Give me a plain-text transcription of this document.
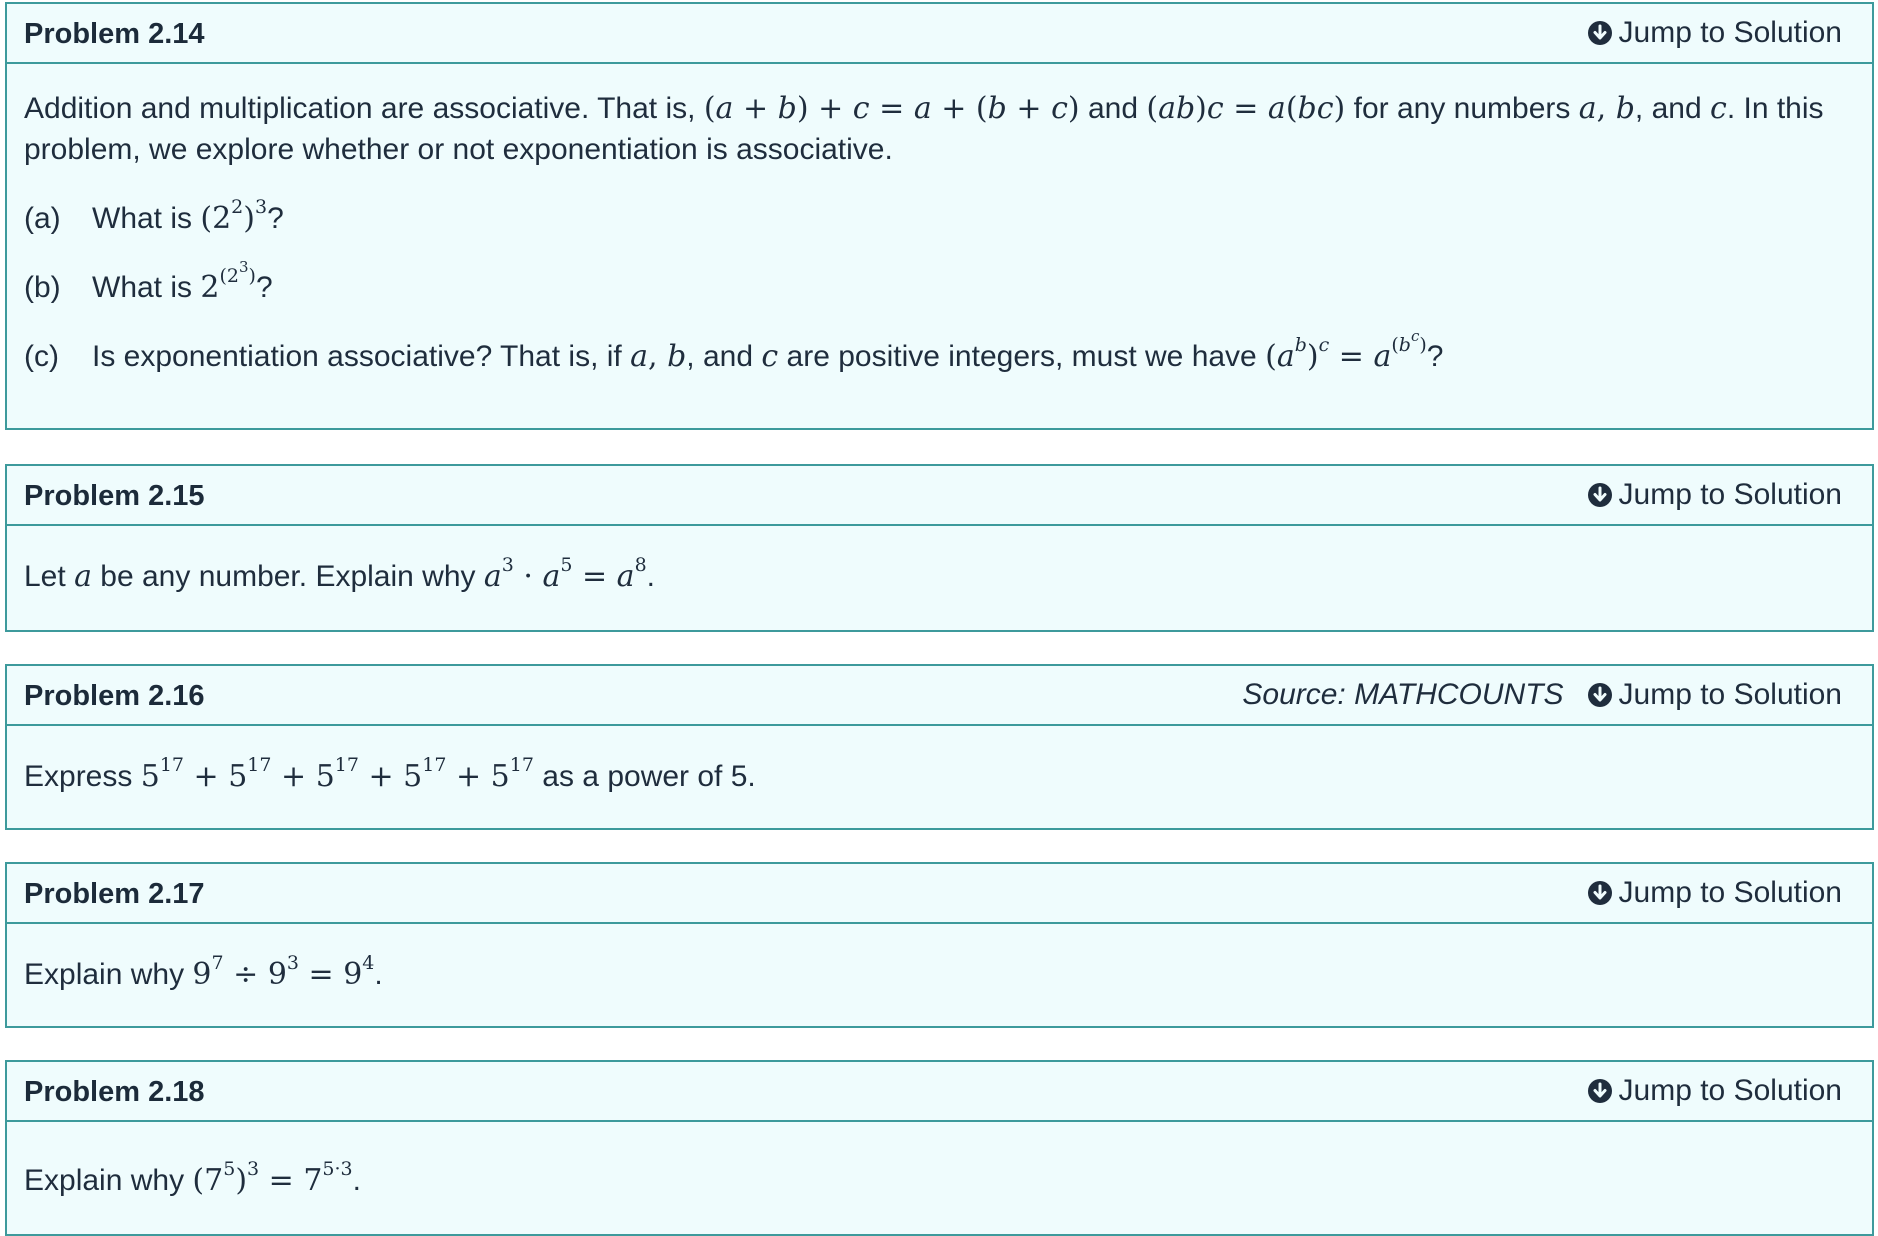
Problem 2.14	Jump to Solution
Addition and multiplication are associative. That is, (a + b) + c = a + (b + c) and (ab)c = a(bc) for any numbers a, b, and c. In this problem, we explore whether or not exponentiation is associative.
(a)	What is $(2^2)^3$?
(b)	What is 2$^{(2^3)}$?
(c)	Is exponentiation associative? That is, if a, b, and c are positive integers, must we have $(a^b)^c = a^{(b^c)}$?
Problem 2.15	Jump to Solution
Let a be any number. Explain why $a^3 \cdot a^5 = a^8$.
Problem 2.16	Source: MATHCOUNTS Jump to Solution
Express $5^{17} + 5^{17} + 5^{17} + 5^{17} + 5^{17}$ as a power of 5.
Problem 2.17	Jump to Solution
Explain why $9^7 \div 9^3 = 9^4$.
Problem 2.18	Jump to Solution
Explain why $(7^5)^3 = 7^{5\cdot 3}$.
